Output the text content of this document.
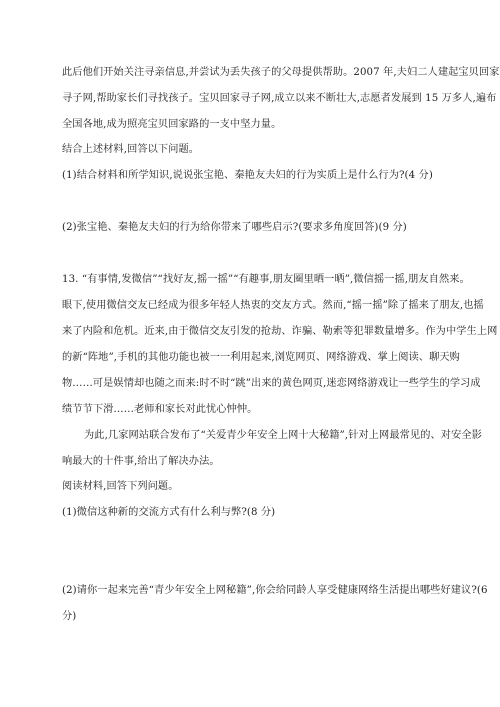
此后他们开始关注寻亲信息,并尝试为丢失孩子的父母提供帮助。2007 年,夫妇二人建起宝贝回家
寻子网,帮助家长们寻找孩子。宝贝回家寻子网,成立以来不断壮大,志愿者发展到 15 万多人,遍布
全国各地,成为照亮宝贝回家路的一支中坚力量。
结合上述材料,回答以下问题。
(1)结合材料和所学知识,说说张宝艳、秦艳友夫妇的行为实质上是什么行为?(4 分)
(2)张宝艳、秦艳友夫妇的行为给你带来了哪些启示?(要求多角度回答)(9 分)
13. “有事情,发微信”“找好友,摇一摇”“有趣事,朋友圈里晒一晒”,微信摇一摇,朋友自然来。
眼下,使用微信交友已经成为很多年轻人热衷的交友方式。然而,“摇一摇”除了摇来了朋友,也摇
来了内险和危机。近来,由于微信交友引发的抢劫、诈骗、勒索等犯罪数量增多。作为中学生上网
的新“阵地”,手机的其他功能也被一一利用起来,浏览网页、网络游戏、掌上阅读、聊天购
物……可是娱情却也随之而来:时不时“跳”出来的黄色网页,迷恋网络游戏让一些学生的学习成
绩节节下滑……老师和家长对此忧心忡忡。
为此,几家网站联合发布了“关爱青少年安全上网十大秘籍”,针对上网最常见的、对安全影
响最大的十件事,给出了解决办法。
阅读材料,回答下列问题。
(1)微信这种新的交流方式有什么利与弊?(8 分)
(2)请你一起来完善“青少年安全上网秘籍”,你会给同龄人享受健康网络生活提出哪些好建议?(6
分)
